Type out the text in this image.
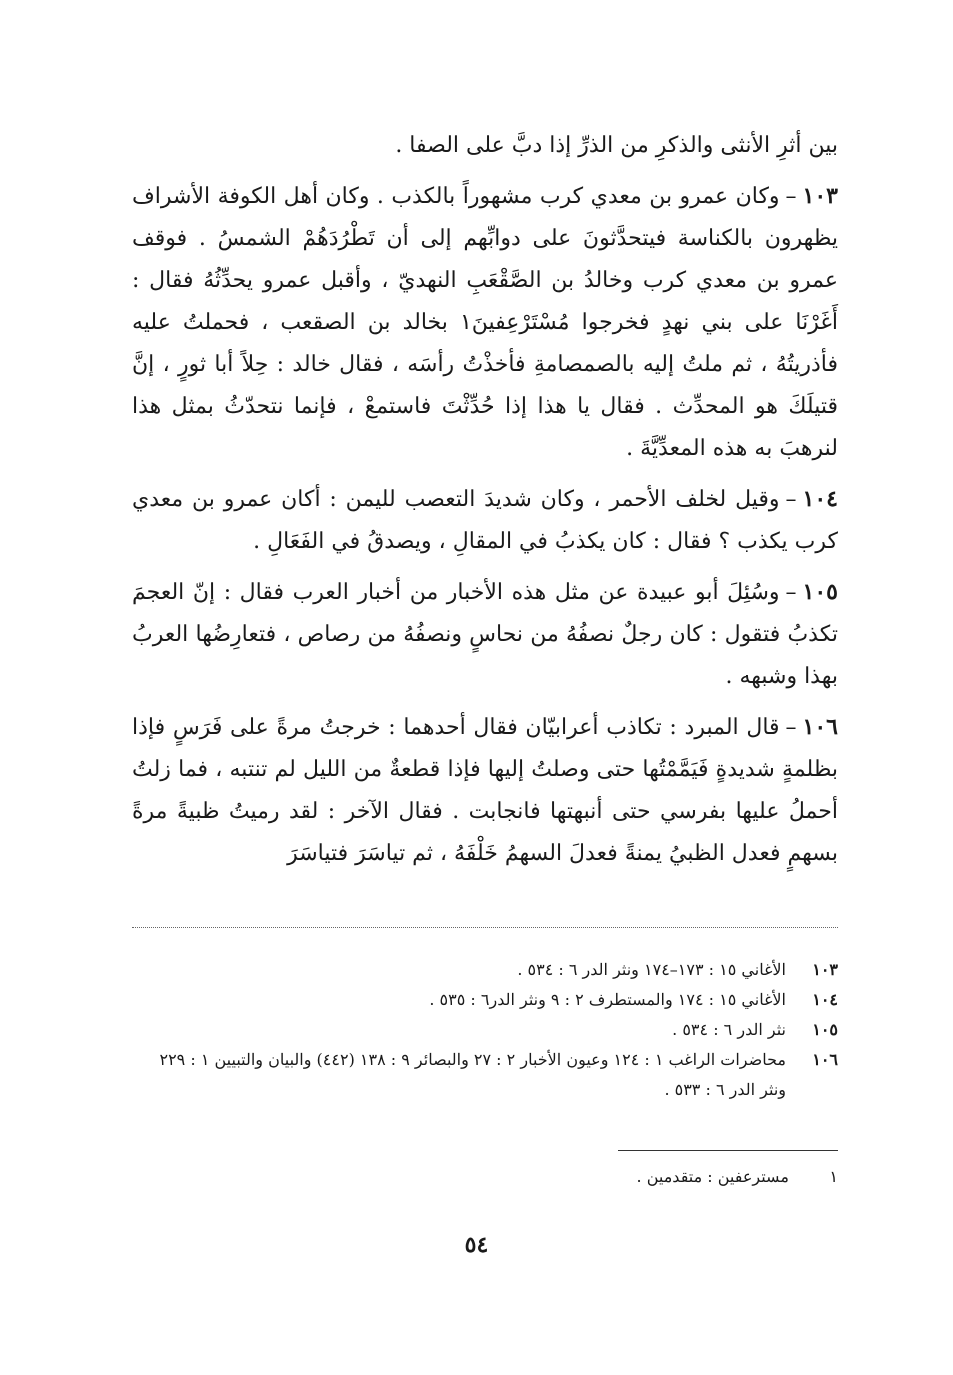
بين أثرِ الأنثى والذكرِ من الذرِّ إذا دبَّ على الصفا .

١٠٣–وكان عمرو بن معدي كرب مشهوراً بالكذب . وكان أهل الكوفة الأشراف يظهرون بالكناسة فيتحدَّثونَ على دوابِّهم إلى أن تَطْرُدَهُمْ الشمسُ . فوقف عمرو بن معدي كرب وخالدُ بن الصَّقْعَبِ النهديّ ، وأقبل عمرو يحدِّثُهُ فقال : أَغَرْنَا على بني نهدٍ فخرجوا مُسْتَرْعِفينَ١ بخالد بن الصقعب ، فحملتُ عليه فأذريتُهُ ، ثم ملتُ إليه بالصمصامةِ فأخذْتُ رأسَه ، فقال خالد : حِلاً أبا ثورٍ ، إنَّ قتيلَكَ هو المحدِّث . فقال يا هذا إذا حُدِّثْتَ فاستمعْ ، فإنما نتحدّثُ بمثل هذا لنرهبَ به هذه المعدِّيَّةَ .

١٠٤–وقيل لخلف الأحمر ، وكان شديدَ التعصب لليمن : أكان عمرو بن معدي كرب يكذب ؟ فقال : كان يكذبُ في المقالِ ، ويصدقُ في الفَعَالِ .

١٠٥–وسُئِلَ أبو عبيدة عن مثل هذه الأخبار من أخبار العرب فقال : إنّ العجمَ تكذبُ فتقول : كان رجلٌ نصفُهُ من نحاسٍ ونصفُهُ من رصاص ، فتعارِضُها العربُ بهذا وشبهه .

١٠٦–قال المبرد : تكاذب أعرابيّان فقال أحدهما : خرجتُ مرةً على فَرَسٍ فإذا بظلمةٍ شديدةٍ فَيَمَّمْتُها حتى وصلتُ إليها فإذا قطعةٌ من الليل لم تنتبه ، فما زلتُ أحملُ عليها بفرسي حتى أنبهتها فانجابت . فقال الآخر : لقد رميتُ ظبيةً مرةً بسهمٍ فعدل الظبيُ يمنةً فعدلَ السهمُ خَلْفَهُ ، ثم تياسَرَ فتياسَرَ

١٠٣
الأغاني ١٥ : ١٧٣–١٧٤ ونثر الدر ٦ : ٥٣٤ .
١٠٤
الأغاني ١٥ : ١٧٤ والمستطرف ٢ : ٩ ونثر الدر٦ : ٥٣٥ .
١٠٥
نثر الدر ٦ : ٥٣٤ .
١٠٦
محاضرات الراغب ١ : ١٢٤ وعيون الأخبار ٢ : ٢٧ والبصائر ٩ : ١٣٨ (٤٤٢) والبيان والتبيين ١ : ٢٢٩ ونثر الدر ٦ : ٥٣٣ .
١ مسترعفين : متقدمين .
٥٤
